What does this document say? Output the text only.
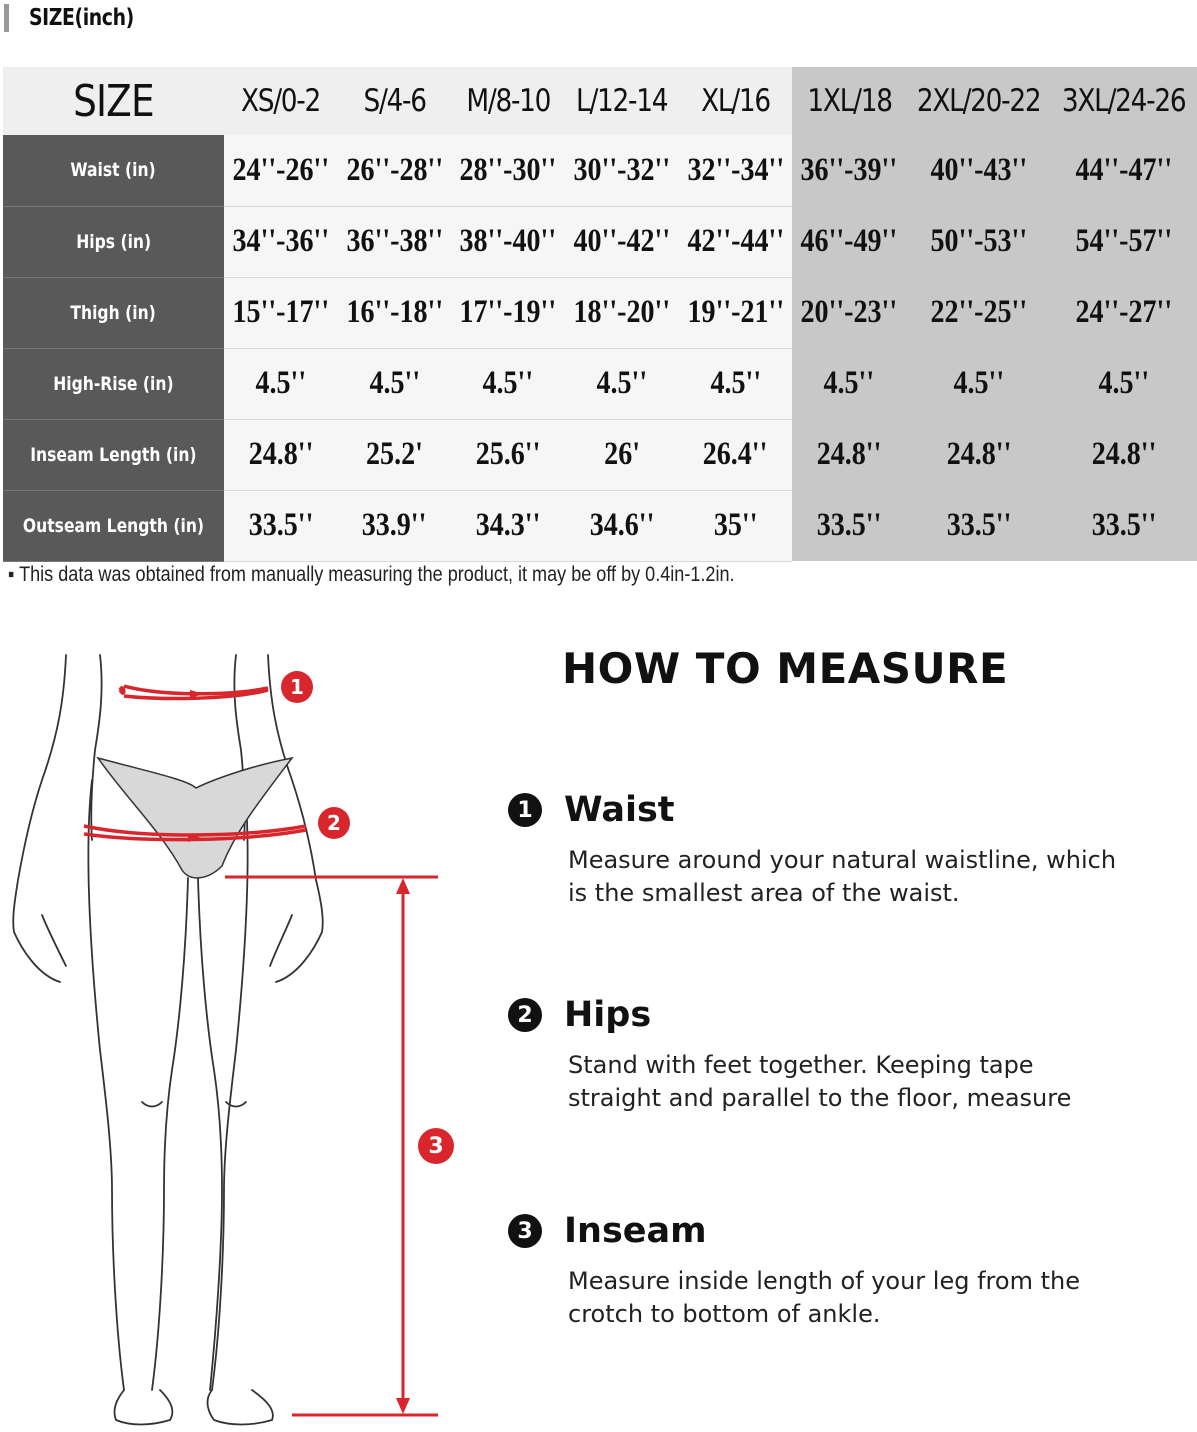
SIZE(inch)
SIZE	XS/0-2	S/4-6	M/8-10	L/12-14	XL/16	1XL/18	2XL/20-22	3XL/24-26
Waist (in)	24''-26''	26''-28''	28''-30''	30''-32''	32''-34''	36''-39''	40''-43''	44''-47''
Hips (in)	34''-36''	36''-38''	38''-40''	40''-42''	42''-44''	46''-49''	50''-53''	54''-57''
Thigh (in)	15''-17''	16''-18''	17''-19''	18''-20''	19''-21''	20''-23''	22''-25''	24''-27''
High-Rise (in)	4.5''	4.5''	4.5''	4.5''	4.5''	4.5''	4.5''	4.5''
Inseam Length (in)	24.8''	25.2'	25.6''	26'	26.4''	24.8''	24.8''	24.8''
Outseam Length (in)	33.5''	33.9''	34.3''	34.6''	35''	33.5''	33.5''	33.5''
▪ This data was obtained from manually measuring the product, it may be off by 0.4in-1.2in.
1
2
3
HOW TO MEASURE
1 Waist
Measure around your natural waistline, which
is the smallest area of the waist.
2 Hips
Stand with feet together. Keeping tape
straight and parallel to the floor, measure
3 Inseam
Measure inside length of your leg from the
crotch to bottom of ankle.
